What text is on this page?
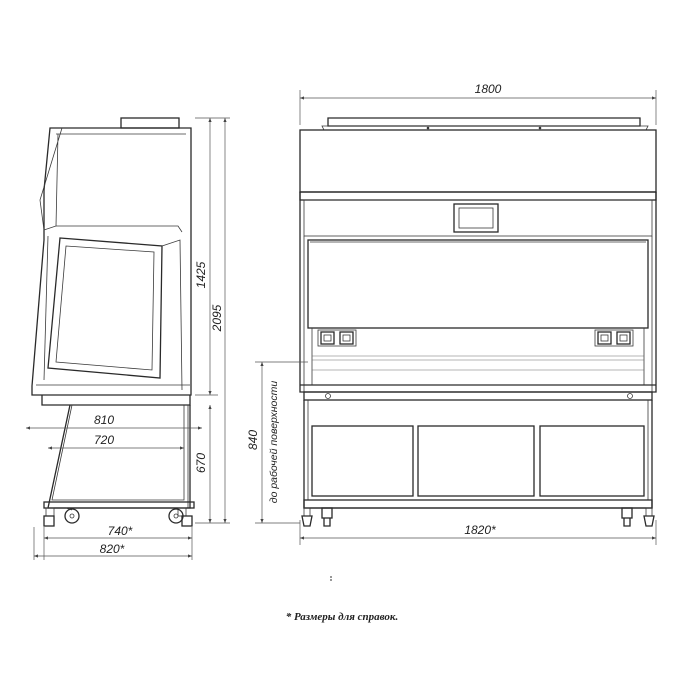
1425
2095
670
810
720
740*
820*
1800
1820*
840 до рабочей поверхности
* Размеры для справок.
